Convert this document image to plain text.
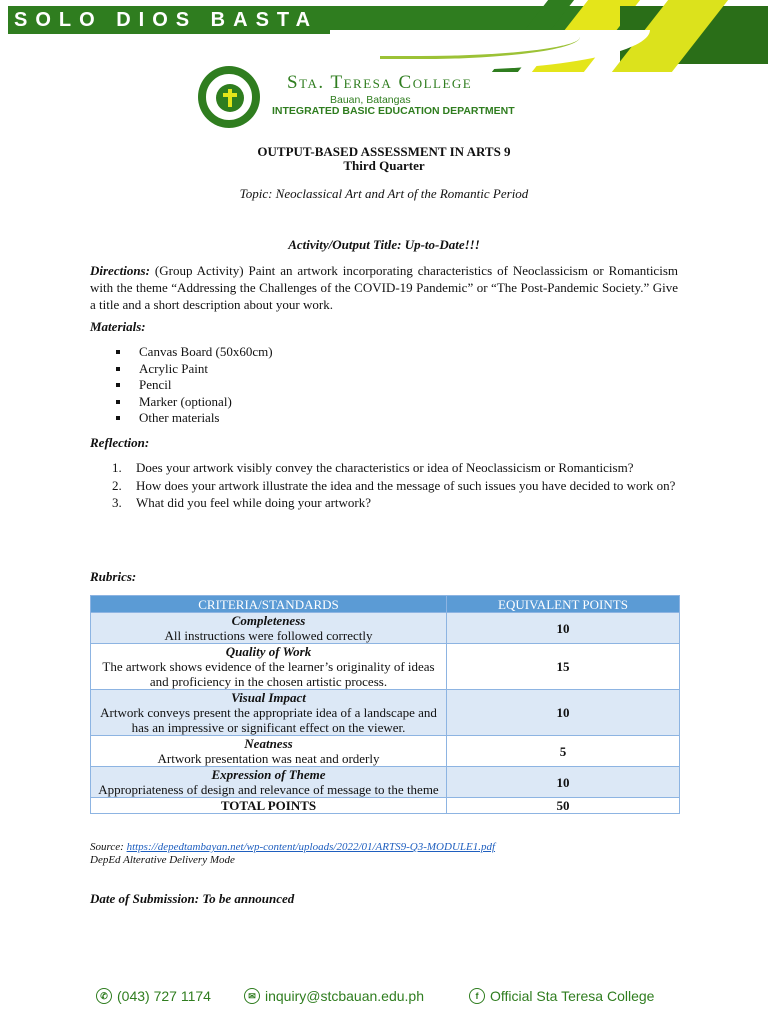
SOLO DIOS BASTA
Sta. Teresa College
Bauan, Batangas
INTEGRATED BASIC EDUCATION DEPARTMENT
OUTPUT-BASED ASSESSMENT IN ARTS 9
Third Quarter
Topic: Neoclassical Art and Art of the Romantic Period
Activity/Output Title: Up-to-Date!!!
Directions: (Group Activity) Paint an artwork incorporating characteristics of Neoclassicism or Romanticism with the theme “Addressing the Challenges of the COVID-19 Pandemic” or “The Post-Pandemic Society.” Give a title and a short description about your work.
Materials:
Canvas Board (50x60cm)
Acrylic Paint
Pencil
Marker (optional)
Other materials
Reflection:
1. Does your artwork visibly convey the characteristics or idea of Neoclassicism or Romanticism?
2. How does your artwork illustrate the idea and the message of such issues you have decided to work on?
3. What did you feel while doing your artwork?
Rubrics:
CRITERIA/STANDARDS	EQUIVALENT POINTS

Completeness
All instructions were followed correctly	10

Quality of Work
The artwork shows evidence of the learner’s originality of ideas and proficiency in the chosen artistic process.	15

Visual Impact
Artwork conveys present the appropriate idea of a landscape and has an impressive or significant effect on the viewer.	10

Neatness
Artwork presentation was neat and orderly	5

Expression of Theme
Appropriateness of design and relevance of message to the theme	10
TOTAL POINTS	50
Source: https://depedtambayan.net/wp-content/uploads/2022/01/ARTS9-Q3-MODULE1.pdf
DepEd Alterative Delivery Mode
Date of Submission: To be announced
✆ (043) 727 1174	✉ inquiry@stcbauan.edu.ph	f Official Sta Teresa College
